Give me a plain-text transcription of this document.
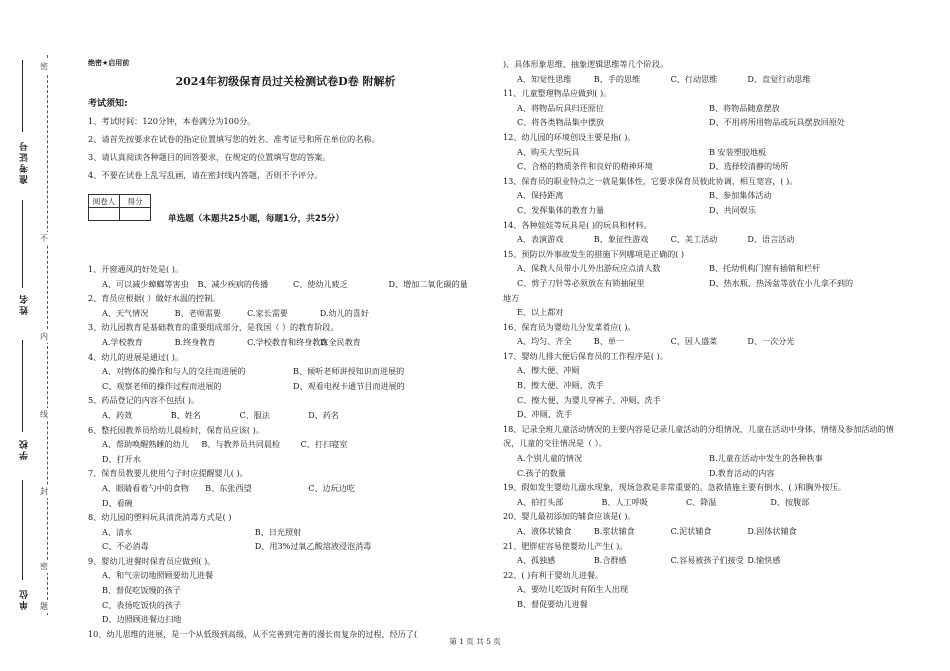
准考证号
姓名
学校
单位
密
不
内
线
封
密
题
绝密★启用前
2024年初级保育员过关检测试卷D卷 附解析
考试须知:
1、考试时间：120分钟，本卷满分为100分。
2、请首先按要求在试卷的指定位置填写您的姓名、准考证号和所在单位的名称。
3、请认真阅读各种题目的回答要求，在规定的位置填写您的答案。
4、不要在试卷上乱写乱画，请在密封线内答题，否则不予评分。
阅卷人	得分

单选题（本题共25小题，每题1分，共25分）
1、开窗通风的好处是( )。
A、可以减少蟑螂等害虫	B、减少疾病的传播	C、使幼儿疲乏	D、增加二氧化碳的量
2、育员应根据( ）做好水温的控制。
A、天气情况	B、老师需要	C.家长需要	D.幼儿的喜好
3、幼儿园教育是基础教育的重要组成部分，是我国（ ）的教育阶段。
A.学校教育	B.终身教育	C.学校教育和终身教育
D.全民教育
4、幼儿的进展是通过( )。
A、对物体的操作和与人的交往而进展的	B、倾听老师讲授知识而进展的
C、观察老师的操作过程而进展的	D、观看电视卡通节目而进展的
5、药品登记的内容不包括( )。
A、药效	B、姓名	C、服法	D、药名
6、整托园教养员给幼儿晨检时，保育员应该( )。
A、帮助唤醒熟睡的幼儿	B、与教养员共同晨检	C、打扫寝室
D、打开水
7、保育员教要儿使用勺子时应提醒婴儿( )。
A、眼睛看着勺中的食物	B、东张西望	C、边玩边吃
D、看碗
8、幼儿园的塑料玩具清洗消毒方式是( )
A、清水	B、日光照射
C、不必消毒	D、用3%过氧乙酸溶液浸泡消毒
9、婴幼儿进餐时保育员应做到( )。
A、和气亲切地照顾要幼儿进餐
B、督促吃饭慢的孩子
C、表扬吃饭快的孩子
D、边照顾进餐边扫地
10、幼儿思维的进展，是一个从低级到高级，从不完善到完善的漫长而复杂的过程，经历了(
)、具体形象思维、抽象逻辑思维等几个阶段。
A、知觉性思维	B、手的思维	C、行动思维	D、直觉行动思维
11、儿童整理物品应做到( )。
A、将物品玩具归还原位	B、将物品随意摆放
C、将各类物品集中摆放	D、不用将所用物品或玩具摆放回原处
12、幼儿园的环境创设主要是指( )。
A、购买大型玩具	B 安装塑胶地板
C、合格的物质条件和良好的精神环境	D、选择较清静的场所
13、保育员的职业特点之一就是集体性，它要求保育员彼此协调，相互宽容，( )。
A、保持距离	B、参加集体活动
C、发挥集体的教育力量	D、共同娱乐
14、各种娃娃等玩具是( )的玩具和材料。
A、表演游戏	B、象征性游戏	C、美工活动	D、语言活动
15、预防以外事故发生的措施下列哪项是正确的( )
A、保教人员带小儿外出游玩应点清人数	B、托幼机构门窗有插销和栏杆
C、剪子刀针等必须放在有锁抽屉里	D、热水瓶、热汤盆等放在小儿拿不到的
地方
E、以上都对
16、保育员为婴幼儿分发菜肴应( )。
A、均匀、齐全	B、单一	C、因人盛菜	D、一次分光
17、婴幼儿排大便后保育员的工作程序是( )。
A、擦大便、冲厕
B、擦大便、冲厕、洗手
C、擦大便、为婴儿穿裤子、冲厕、洗手
D、冲厕、洗手
18、记录全班儿童活动情况的主要内容是记录儿童活动的分组情况，儿童在活动中身体，情绪及参加活动的情况，儿童的交往情况是（ ）。
A.个别儿童的情况	B.儿童在活动中发生的各种秩事
C.孩子的数量	D.教育活动的内容
19、假如发生婴幼儿溺水现象，现场急救是非常重要的。急救措施主要有倒水、( )和胸外按压。
A、拍打头部	B、人工呼吸	C、降温	D、按腹部
20、婴儿最初添加的辅食应该是( )。
A、液体状辅食	B.浆状辅食	C.泥状辅食	D.固体状辅食
21、肥胖症容易使婴幼儿产生( )。
A、孤独感	B.合群感	C.容易被孩子们接受 D.愉快感
22、( )有利于婴幼儿进餐。
A、要幼儿吃饭时有陌生人出现
B、督促要幼儿进餐
第 1 页 共 5 页
